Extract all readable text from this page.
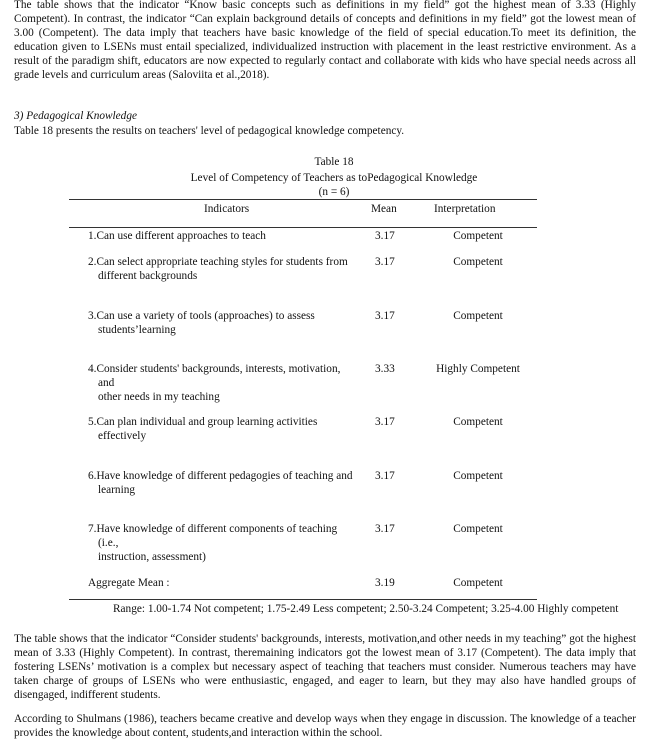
The table shows that the indicator “Know basic concepts such as definitions in my field” got the highest mean of 3.33 (Highly Competent). In contrast, the indicator “Can explain background details of concepts and definitions in my field” got the lowest mean of 3.00 (Competent). The data imply that teachers have basic knowledge of the field of special education.To meet its definition, the education given to LSENs must entail specialized, individualized instruction with placement in the least restrictive environment. As a result of the paradigm shift, educators are now expected to regularly contact and collaborate with kids who have special needs across all grade levels and curriculum areas (Saloviita et al.,2018).

3) Pedagogical Knowledge
Table 18 presents the results on teachers' level of pedagogical knowledge competency.
Table 18
Level of Competency of Teachers as toPedagogical Knowledge
(n = 6)
Indicators	Mean	Interpretation
1.Can use different approaches to teach	3.17	Competent
2.Can select appropriate teaching styles for students from
different backgrounds
3.17	Competent
3.Can use a variety of tools (approaches) to assess
students’learning
3.17	Competent
4.Consider students' backgrounds, interests, motivation,
and
other needs in my teaching
3.33	Highly Competent
5.Can plan individual and group learning activities
effectively
3.17	Competent
6.Have knowledge of different pedagogies of teaching and
learning
3.17	Competent
7.Have knowledge of different components of teaching
(i.e.,
instruction, assessment)
3.17	Competent
Aggregate Mean :	3.19	Competent
Range: 1.00-1.74 Not competent; 1.75-2.49 Less competent; 2.50-3.24 Competent; 3.25-4.00 Highly competent

The table shows that the indicator “Consider students' backgrounds, interests, motivation,and other needs in my teaching” got the highest mean of 3.33 (Highly Competent). In contrast, theremaining indicators got the lowest mean of 3.17 (Competent). The data imply that fostering LSENs’ motivation is a complex but necessary aspect of teaching that teachers must consider. Numerous teachers may have taken charge of groups of LSENs who were enthusiastic, engaged, and eager to learn, but they may also have handled groups of disengaged, indifferent students.

According to Shulmans (1986), teachers became creative and develop ways when they engage in discussion. The knowledge of a teacher provides the knowledge about content, students,and interaction within the school.
